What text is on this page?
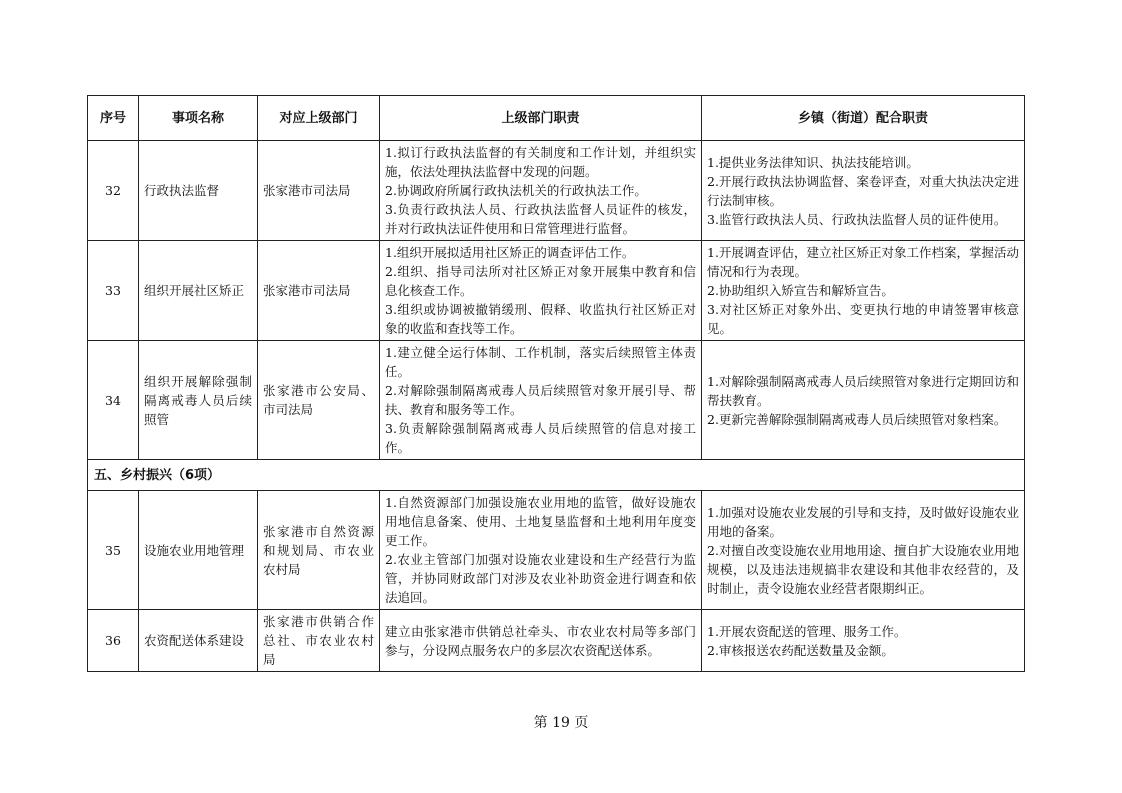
序号	事项名称	对应上级部门	上级部门职责	乡镇（街道）配合职责
32	行政执法监督	张家港市司法局	1.拟订行政执法监督的有关制度和工作计划，并组织实施，依法处理执法监督中发现的问题。
2.协调政府所属行政执法机关的行政执法工作。
3.负责行政执法人员、行政执法监督人员证件的核发，并对行政执法证件使用和日常管理进行监督。	1.提供业务法律知识、执法技能培训。
2.开展行政执法协调监督、案卷评查，对重大执法决定进行法制审核。
3.监管行政执法人员、行政执法监督人员的证件使用。
33	组织开展社区矫正	张家港市司法局	1.组织开展拟适用社区矫正的调查评估工作。
2.组织、指导司法所对社区矫正对象开展集中教育和信息化核查工作。
3.组织或协调被撤销缓刑、假释、收监执行社区矫正对象的收监和查找等工作。	1.开展调查评估，建立社区矫正对象工作档案，掌握活动情况和行为表现。
2.协助组织入矫宣告和解矫宣告。
3.对社区矫正对象外出、变更执行地的申请签署审核意见。
34	组织开展解除强制隔离戒毒人员后续照管	张家港市公安局、市司法局	1.建立健全运行体制、工作机制，落实后续照管主体责任。
2.对解除强制隔离戒毒人员后续照管对象开展引导、帮扶、教育和服务等工作。
3.负责解除强制隔离戒毒人员后续照管的信息对接工作。	1.对解除强制隔离戒毒人员后续照管对象进行定期回访和帮扶教育。
2.更新完善解除强制隔离戒毒人员后续照管对象档案。
五、乡村振兴（6项）				
35	设施农业用地管理	张家港市自然资源和规划局、市农业农村局	1.自然资源部门加强设施农业用地的监管，做好设施农用地信息备案、使用、土地复垦监督和土地利用年度变更工作。
2.农业主管部门加强对设施农业建设和生产经营行为监管，并协同财政部门对涉及农业补助资金进行调查和依法追回。	1.加强对设施农业发展的引导和支持，及时做好设施农业用地的备案。
2.对擅自改变设施农业用地用途、擅自扩大设施农业用地规模，以及违法违规搞非农建设和其他非农经营的，及时制止，责令设施农业经营者限期纠正。
36	农资配送体系建设	张家港市供销合作总社、市农业农村局	建立由张家港市供销总社牵头、市农业农村局等多部门参与，分设网点服务农户的多层次农资配送体系。	1.开展农资配送的管理、服务工作。
2.审核报送农药配送数量及金额。
第 19 页
